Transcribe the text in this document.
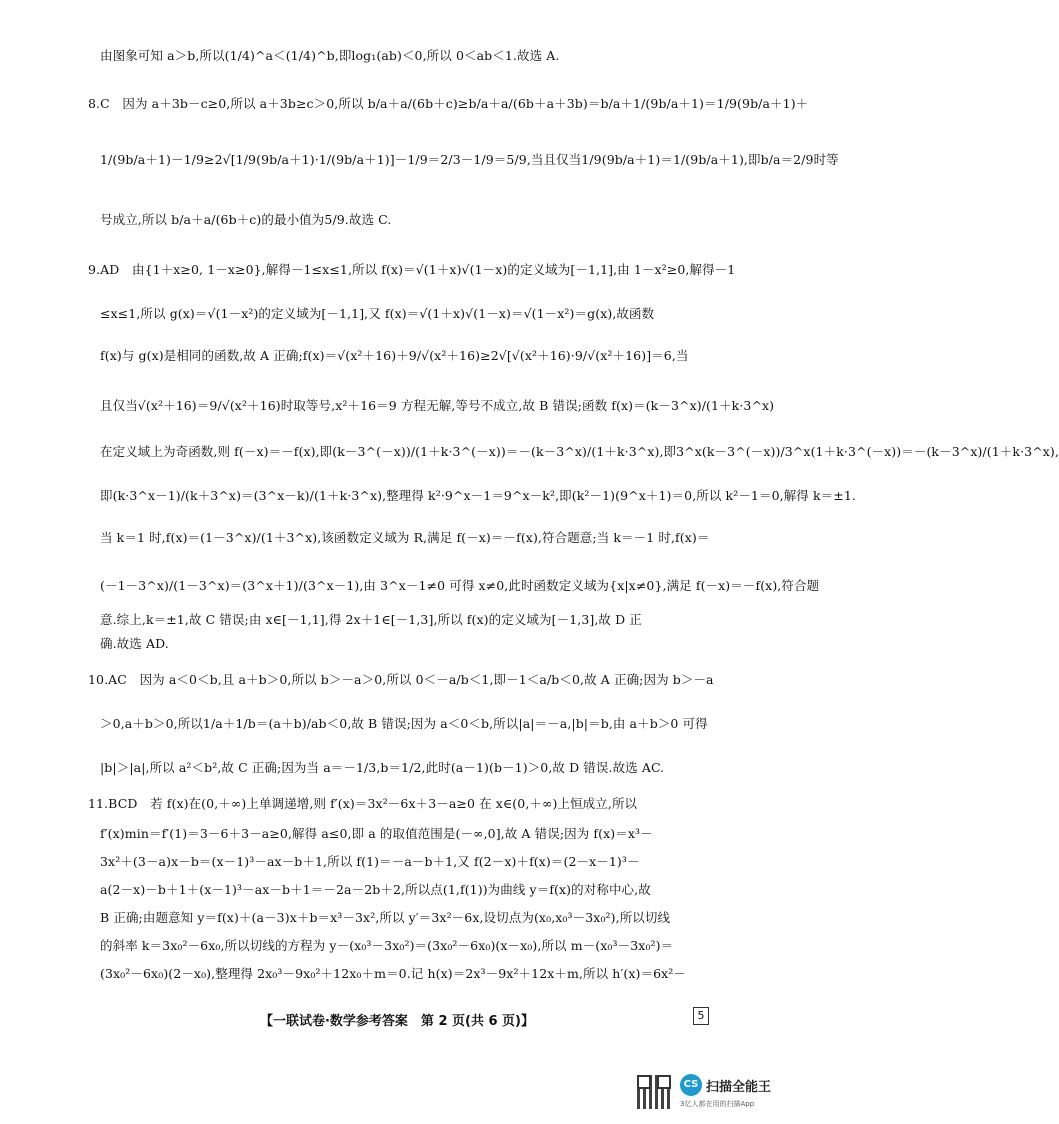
由图象可知 a＞b,所以(1/4)^a＜(1/4)^b,即log₁(ab)＜0,所以 0＜ab＜1.故选 A.
8.C　因为 a＋3b－c≥0,所以 a＋3b≥c＞0,所以 b/a＋a/(6b＋c)≥b/a＋a/(6b＋a＋3b)＝b/a＋1/(9b/a＋1)＝1/9(9b/a＋1)＋
1/(9b/a＋1)－1/9≥2√[1/9(9b/a＋1)·1/(9b/a＋1)]－1/9＝2/3－1/9＝5/9,当且仅当1/9(9b/a＋1)＝1/(9b/a＋1),即b/a＝2/9时等
号成立,所以 b/a＋a/(6b＋c)的最小值为5/9.故选 C.
9.AD　由{1＋x≥0, 1－x≥0},解得－1≤x≤1,所以 f(x)＝√(1＋x)√(1－x)的定义域为[－1,1],由 1－x²≥0,解得－1
≤x≤1,所以 g(x)＝√(1－x²)的定义域为[－1,1],又 f(x)＝√(1＋x)√(1－x)＝√(1－x²)＝g(x),故函数
f(x)与 g(x)是相同的函数,故 A 正确;f(x)＝√(x²＋16)＋9/√(x²＋16)≥2√[√(x²＋16)·9/√(x²＋16)]＝6,当
且仅当√(x²＋16)＝9/√(x²＋16)时取等号,x²＋16＝9 方程无解,等号不成立,故 B 错误;函数 f(x)＝(k－3^x)/(1＋k·3^x)
在定义域上为奇函数,则 f(－x)＝－f(x),即(k－3^(－x))/(1＋k·3^(－x))＝－(k－3^x)/(1＋k·3^x),即3^x(k－3^(－x))/3^x(1＋k·3^(－x))＝－(k－3^x)/(1＋k·3^x),
即(k·3^x－1)/(k＋3^x)＝(3^x－k)/(1＋k·3^x),整理得 k²·9^x－1＝9^x－k²,即(k²－1)(9^x＋1)＝0,所以 k²－1＝0,解得 k＝±1.
当 k＝1 时,f(x)＝(1－3^x)/(1＋3^x),该函数定义域为 R,满足 f(－x)＝－f(x),符合题意;当 k＝－1 时,f(x)＝
(－1－3^x)/(1－3^x)＝(3^x＋1)/(3^x－1),由 3^x－1≠0 可得 x≠0,此时函数定义域为{x|x≠0},满足 f(－x)＝－f(x),符合题
意.综上,k＝±1,故 C 错误;由 x∈[－1,1],得 2x＋1∈[－1,3],所以 f(x)的定义域为[－1,3],故 D 正
确.故选 AD.
10.AC　因为 a＜0＜b,且 a＋b＞0,所以 b＞－a＞0,所以 0＜－a/b＜1,即－1＜a/b＜0,故 A 正确;因为 b＞－a
＞0,a＋b＞0,所以1/a＋1/b＝(a＋b)/ab＜0,故 B 错误;因为 a＜0＜b,所以|a|＝－a,|b|＝b,由 a＋b＞0 可得
|b|＞|a|,所以 a²＜b²,故 C 正确;因为当 a＝－1/3,b＝1/2,此时(a－1)(b－1)＞0,故 D 错误.故选 AC.
11.BCD　若 f(x)在(0,＋∞)上单调递增,则 f′(x)＝3x²－6x＋3－a≥0 在 x∈(0,＋∞)上恒成立,所以
f′(x)min＝f′(1)＝3－6＋3－a≥0,解得 a≤0,即 a 的取值范围是(－∞,0],故 A 错误;因为 f(x)＝x³－
3x²＋(3－a)x－b＝(x－1)³－ax－b＋1,所以 f(1)＝－a－b＋1,又 f(2－x)＋f(x)＝(2－x－1)³－
a(2－x)－b＋1＋(x－1)³－ax－b＋1＝－2a－2b＋2,所以点(1,f(1))为曲线 y＝f(x)的对称中心,故
B 正确;由题意知 y＝f(x)＋(a－3)x＋b＝x³－3x²,所以 y′＝3x²－6x,设切点为(x₀,x₀³－3x₀²),所以切线
的斜率 k＝3x₀²－6x₀,所以切线的方程为 y－(x₀³－3x₀²)＝(3x₀²－6x₀)(x－x₀),所以 m－(x₀³－3x₀²)＝
(3x₀²－6x₀)(2－x₀),整理得 2x₀³－9x₀²＋12x₀＋m＝0.记 h(x)＝2x³－9x²＋12x＋m,所以 h′(x)＝6x²－
【一联试卷·数学参考答案　第 2 页(共 6 页)】	5
CS 扫描全能王
3亿人都在用的扫描App
